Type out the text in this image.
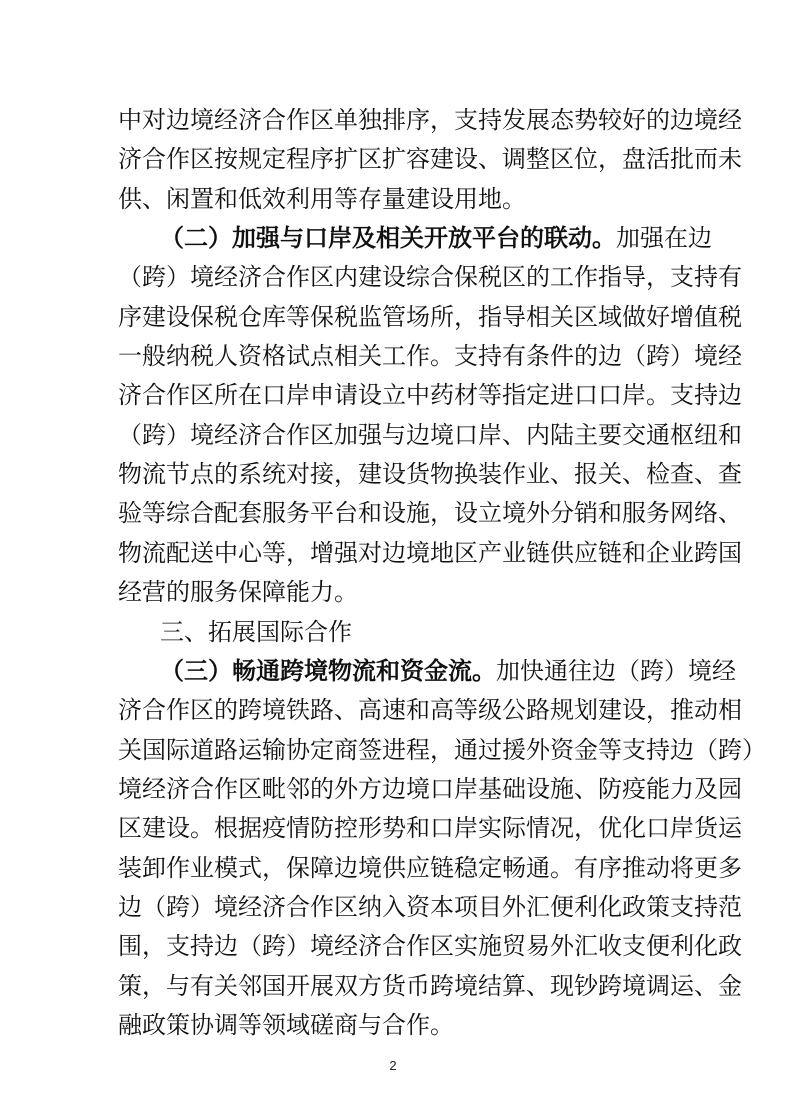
中对边境经济合作区单独排序，支持发展态势较好的边境经
济合作区按规定程序扩区扩容建设、调整区位，盘活批而未
供、闲置和低效利用等存量建设用地。
（二）加强与口岸及相关开放平台的联动。加强在边
（跨）境经济合作区内建设综合保税区的工作指导，支持有
序建设保税仓库等保税监管场所，指导相关区域做好增值税
一般纳税人资格试点相关工作。支持有条件的边（跨）境经
济合作区所在口岸申请设立中药材等指定进口口岸。支持边
（跨）境经济合作区加强与边境口岸、内陆主要交通枢纽和
物流节点的系统对接，建设货物换装作业、报关、检查、查
验等综合配套服务平台和设施，设立境外分销和服务网络、
物流配送中心等，增强对边境地区产业链供应链和企业跨国
经营的服务保障能力。
三、拓展国际合作
（三）畅通跨境物流和资金流。加快通往边（跨）境经
济合作区的跨境铁路、高速和高等级公路规划建设，推动相
关国际道路运输协定商签进程，通过援外资金等支持边（跨）
境经济合作区毗邻的外方边境口岸基础设施、防疫能力及园
区建设。根据疫情防控形势和口岸实际情况，优化口岸货运
装卸作业模式，保障边境供应链稳定畅通。有序推动将更多
边（跨）境经济合作区纳入资本项目外汇便利化政策支持范
围，支持边（跨）境经济合作区实施贸易外汇收支便利化政
策，与有关邻国开展双方货币跨境结算、现钞跨境调运、金
融政策协调等领域磋商与合作。
2
